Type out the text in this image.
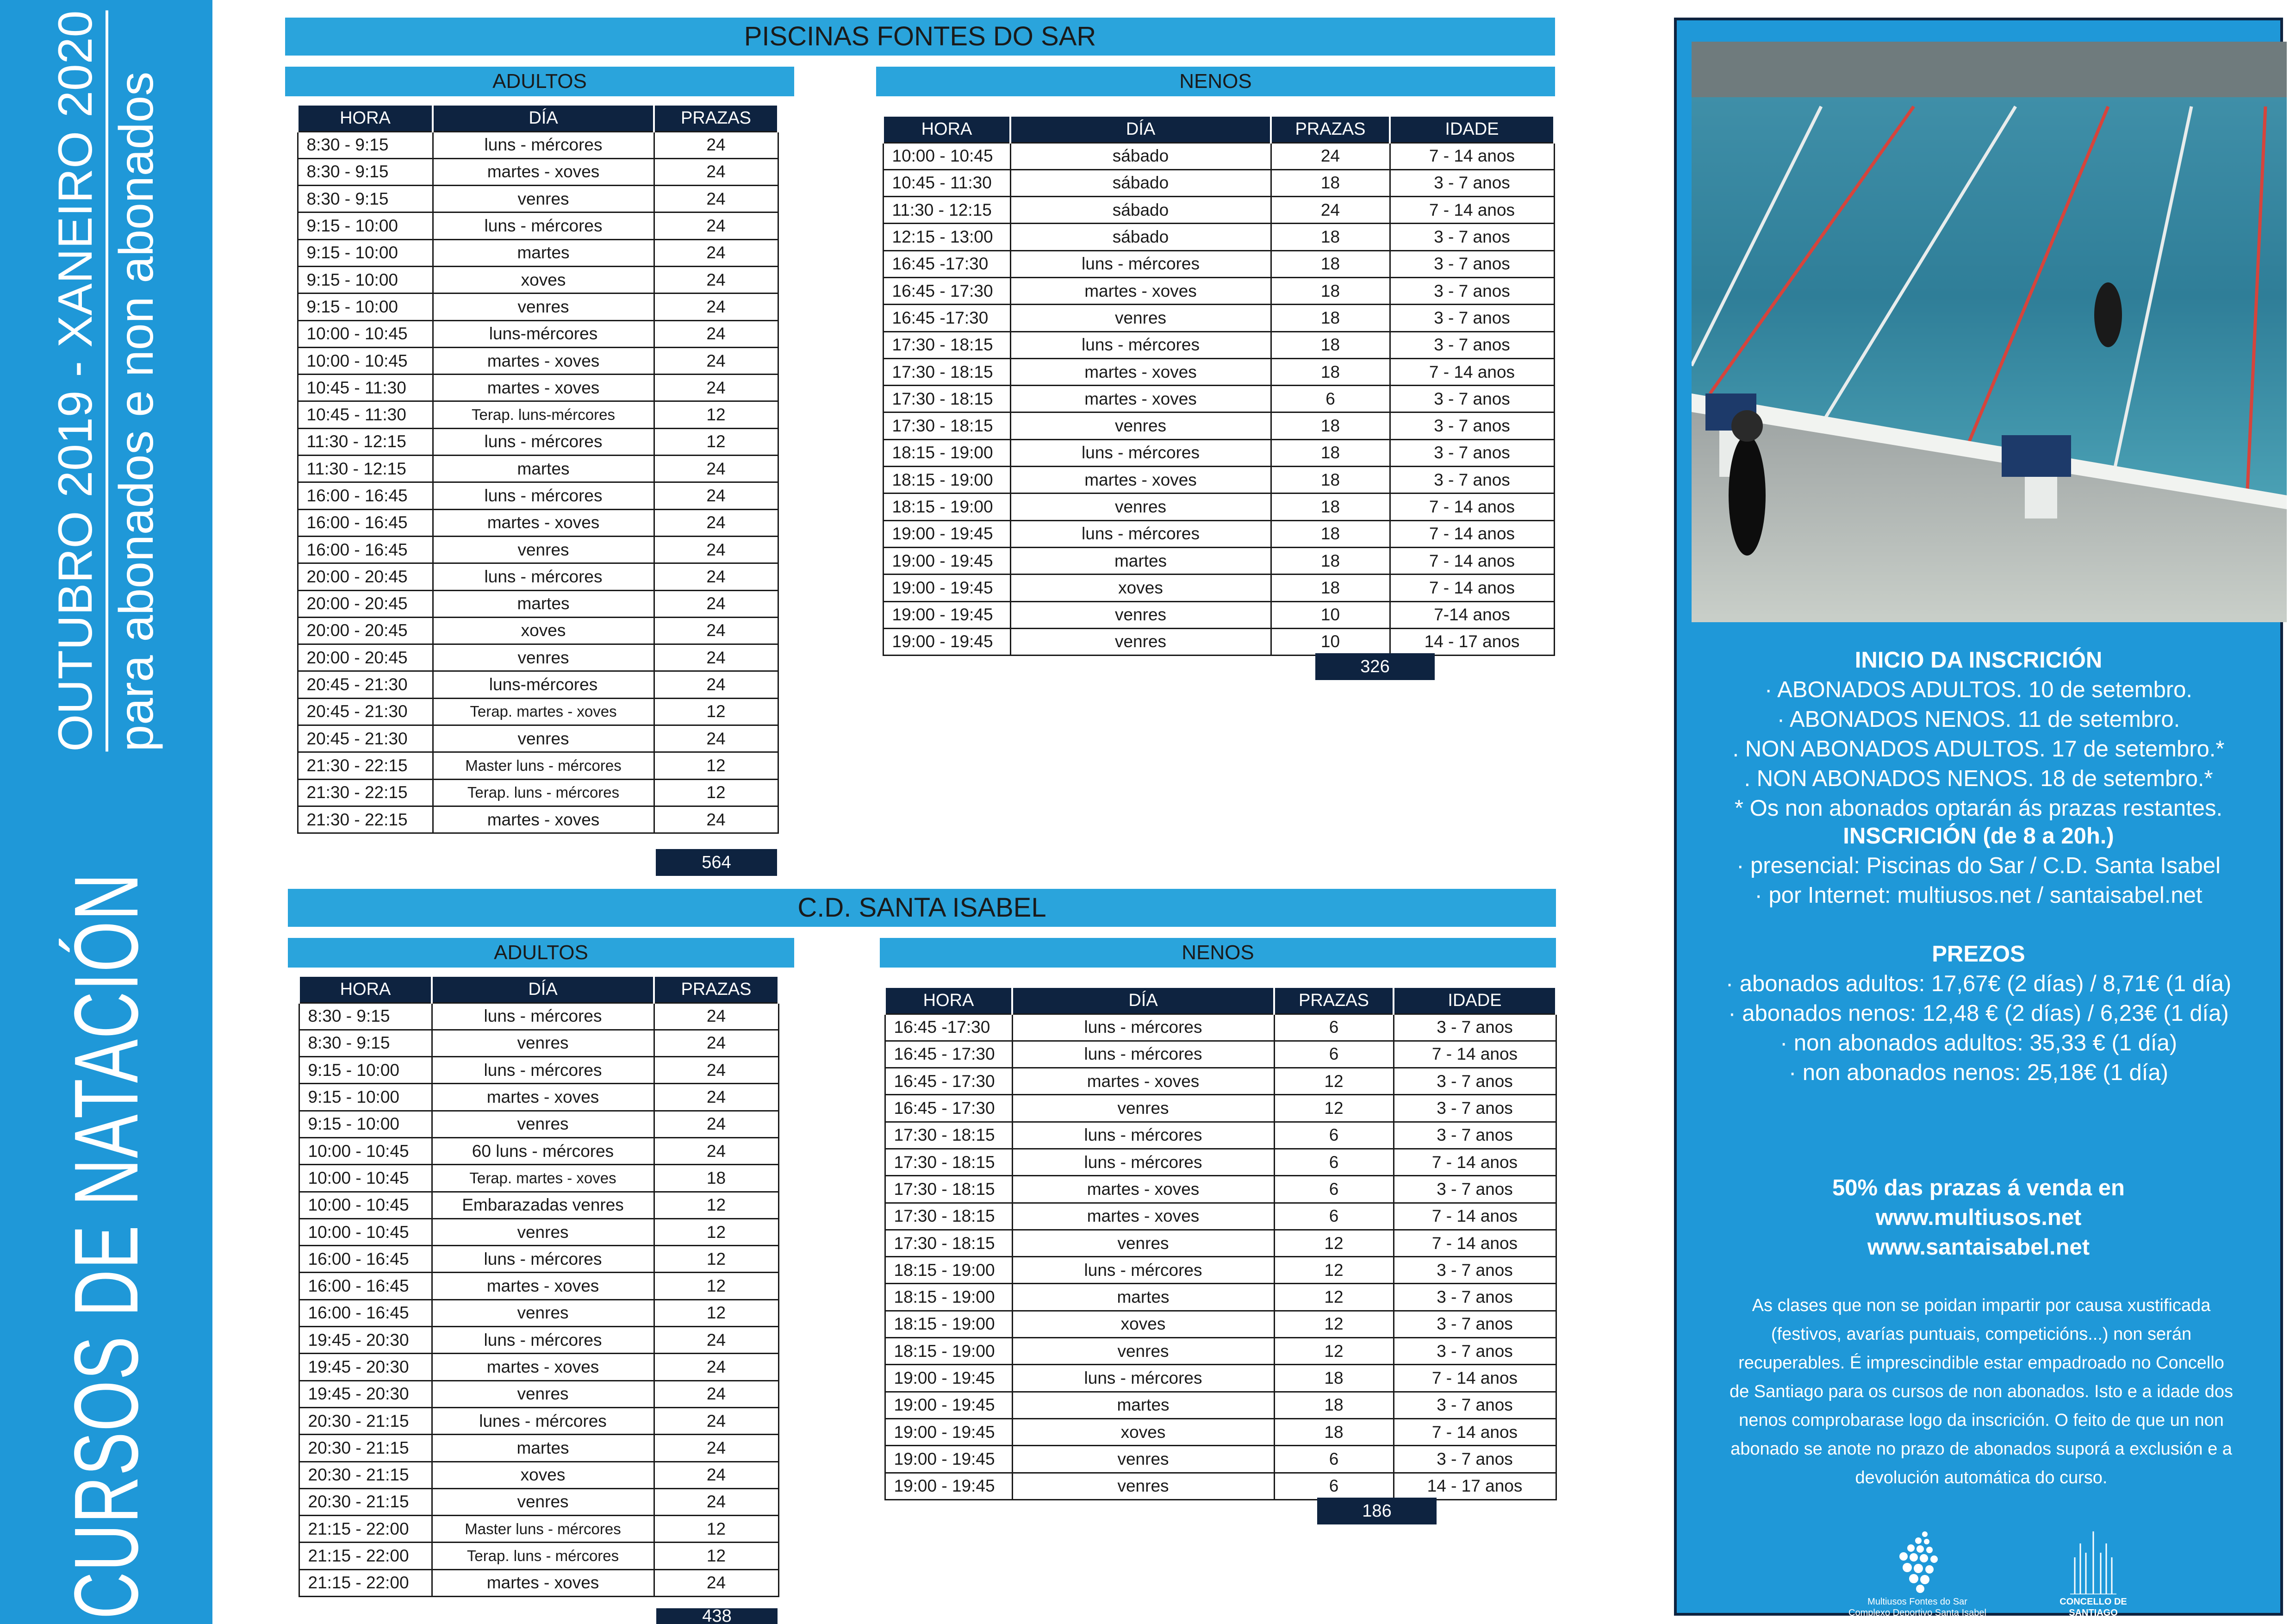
CURSOS DE NATACIÓN
OUTUBRO 2019 - XANEIRO 2020 para abonados e non abonados
PISCINAS FONTES DO SAR
ADULTOS	NENOS
HORA	DÍA	PRAZAS
8:30 - 9:15	luns - mércores	24
8:30 - 9:15	martes - xoves	24
8:30 - 9:15	venres	24
9:15 - 10:00	luns - mércores	24
9:15 - 10:00	martes	24
9:15 - 10:00	xoves	24
9:15 - 10:00	venres	24
10:00 - 10:45	luns-mércores	24
10:00 - 10:45	martes - xoves	24
10:45 - 11:30	martes - xoves	24
10:45 - 11:30	Terap. luns-mércores	12
11:30 - 12:15	luns - mércores	12
11:30 - 12:15	martes	24
16:00 - 16:45	luns - mércores	24
16:00 - 16:45	martes - xoves	24
16:00 - 16:45	venres	24
20:00 - 20:45	luns - mércores	24
20:00 - 20:45	martes	24
20:00 - 20:45	xoves	24
20:00 - 20:45	venres	24
20:45 - 21:30	luns-mércores	24
20:45 - 21:30	Terap. martes - xoves	12
20:45 - 21:30	venres	24
21:30 - 22:15	Master luns - mércores	12
21:30 - 22:15	Terap. luns - mércores	12
21:30 - 22:15	martes - xoves	24
564
HORA	DÍA	PRAZAS	IDADE
10:00 - 10:45	sábado	24	7 - 14 anos
10:45 - 11:30	sábado	18	3 - 7 anos
11:30 - 12:15	sábado	24	7 - 14 anos
12:15 - 13:00	sábado	18	3 - 7 anos
16:45 -17:30	luns - mércores	18	3 - 7 anos
16:45 - 17:30	martes - xoves	18	3 - 7 anos
16:45 -17:30	venres	18	3 - 7 anos
17:30 - 18:15	luns - mércores	18	3 - 7 anos
17:30 - 18:15	martes - xoves	18	7 - 14 anos
17:30 - 18:15	martes - xoves	6	3 - 7 anos
17:30 - 18:15	venres	18	3 - 7 anos
18:15 - 19:00	luns - mércores	18	3 - 7 anos
18:15 - 19:00	martes - xoves	18	3 - 7 anos
18:15 - 19:00	venres	18	7 - 14 anos
19:00 - 19:45	luns - mércores	18	7 - 14 anos
19:00 - 19:45	martes	18	7 - 14 anos
19:00 - 19:45	xoves	18	7 - 14 anos
19:00 - 19:45	venres	10	7-14 anos
19:00 - 19:45	venres	10	14 - 17 anos
326
C.D. SANTA ISABEL
ADULTOS	NENOS
HORA	DÍA	PRAZAS
8:30 - 9:15	luns - mércores	24
8:30 - 9:15	venres	24
9:15 - 10:00	luns - mércores	24
9:15 - 10:00	martes - xoves	24
9:15 - 10:00	venres	24
10:00 - 10:45	60 luns - mércores	24
10:00 - 10:45	Terap. martes - xoves	18
10:00 - 10:45	Embarazadas venres	12
10:00 - 10:45	venres	12
16:00 - 16:45	luns - mércores	12
16:00 - 16:45	martes - xoves	12
16:00 - 16:45	venres	12
19:45 - 20:30	luns - mércores	24
19:45 - 20:30	martes - xoves	24
19:45 - 20:30	venres	24
20:30 - 21:15	lunes - mércores	24
20:30 - 21:15	martes	24
20:30 - 21:15	xoves	24
20:30 - 21:15	venres	24
21:15 - 22:00	Master luns - mércores	12
21:15 - 22:00	Terap. luns - mércores	12
21:15 - 22:00	martes - xoves	24
438
HORA	DÍA	PRAZAS	IDADE
16:45 -17:30	luns - mércores	6	3 - 7 anos
16:45 - 17:30	luns - mércores	6	7 - 14 anos
16:45 - 17:30	martes - xoves	12	3 - 7 anos
16:45 - 17:30	venres	12	3 - 7 anos
17:30 - 18:15	luns - mércores	6	3 - 7 anos
17:30 - 18:15	luns - mércores	6	7 - 14 anos
17:30 - 18:15	martes - xoves	6	3 - 7 anos
17:30 - 18:15	martes - xoves	6	7 - 14 anos
17:30 - 18:15	venres	12	7 - 14 anos
18:15 - 19:00	luns - mércores	12	3 - 7 anos
18:15 - 19:00	martes	12	3 - 7 anos
18:15 - 19:00	xoves	12	3 - 7 anos
18:15 - 19:00	venres	12	3 - 7 anos
19:00 - 19:45	luns - mércores	18	7 - 14 anos
19:00 - 19:45	martes	18	3 - 7 anos
19:00 - 19:45	xoves	18	7 - 14 anos
19:00 - 19:45	venres	6	3 - 7 anos
19:00 - 19:45	venres	6	14 - 17 anos
186
INICIO DA INSCRICIÓN
· ABONADOS ADULTOS. 10 de setembro.
· ABONADOS NENOS. 11 de setembro.
. NON ABONADOS ADULTOS. 17 de setembro.*
. NON ABONADOS NENOS. 18 de setembro.*
* Os non abonados optarán ás prazas restantes.
INSCRICIÓN (de 8 a 20h.)
· presencial: Piscinas do Sar / C.D. Santa Isabel
· por Internet: multiusos.net / santaisabel.net
PREZOS
· abonados adultos: 17,67€ (2 días) / 8,71€ (1 día)
· abonados nenos: 12,48 € (2 días) / 6,23€ (1 día)
· non abonados adultos: 35,33 € (1 día)
· non abonados nenos: 25,18€ (1 día)
50% das prazas á venda en
www.multiusos.net
www.santaisabel.net
As clases que non se poidan impartir por causa xustificada
(festivos, avarías puntuais, competicións...) non serán
recuperables. É imprescindible estar empadroado no Concello
de Santiago para os cursos de non abonados. Isto e a idade dos
nenos comprobarase logo da inscrición. O feito de que un non
abonado se anote no prazo de abonados suporá a exclusión e a
devolución automática do curso.
Multiusos Fontes do Sar
Complexo Deportivo Santa Isabel
CONCELLO DE
SANTIAGO
